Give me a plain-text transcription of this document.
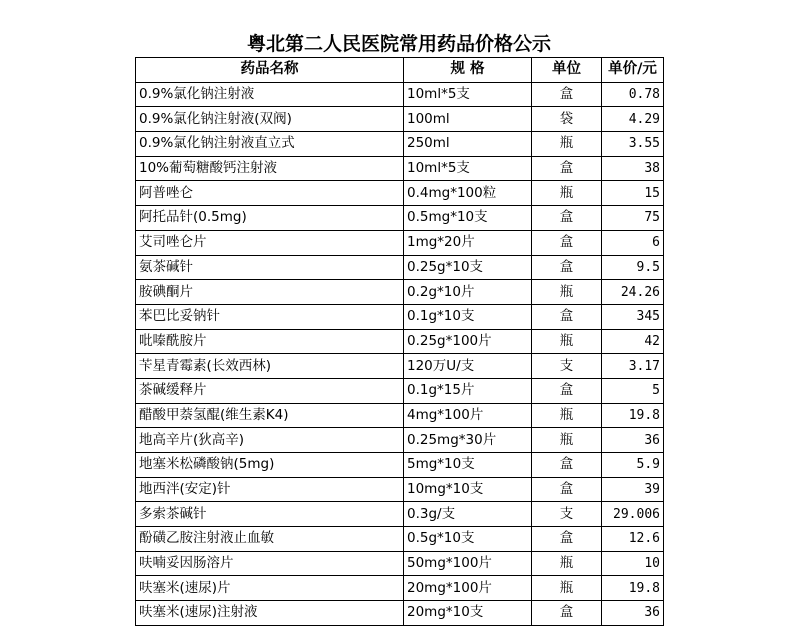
粤北第二人民医院常用药品价格公示
药品名称	规 格	单位	单价/元
0.9%氯化钠注射液	10ml*5支	盒	0.78
0.9%氯化钠注射液(双阀)	100ml	袋	4.29
0.9%氯化钠注射液直立式	250ml	瓶	3.55
10%葡萄糖酸钙注射液	10ml*5支	盒	38
阿普唑仑	0.4mg*100粒	瓶	15
阿托品针(0.5mg)	0.5mg*10支	盒	75
艾司唑仑片	1mg*20片	盒	6
氨茶碱针	0.25g*10支	盒	9.5
胺碘酮片	0.2g*10片	瓶	24.26
苯巴比妥钠针	0.1g*10支	盒	345
吡嗪酰胺片	0.25g*100片	瓶	42
苄星青霉素(长效西林)	120万U/支	支	3.17
茶碱缓释片	0.1g*15片	盒	5
醋酸甲萘氢醌(维生素K4)	4mg*100片	瓶	19.8
地高辛片(狄高辛)	0.25mg*30片	瓶	36
地塞米松磷酸钠(5mg)	5mg*10支	盒	5.9
地西泮(安定)针	10mg*10支	盒	39
多索茶碱针	0.3g/支	支	29.006
酚磺乙胺注射液止血敏	0.5g*10支	盒	12.6
呋喃妥因肠溶片	50mg*100片	瓶	10
呋塞米(速尿)片	20mg*100片	瓶	19.8
呋塞米(速尿)注射液	20mg*10支	盒	36
